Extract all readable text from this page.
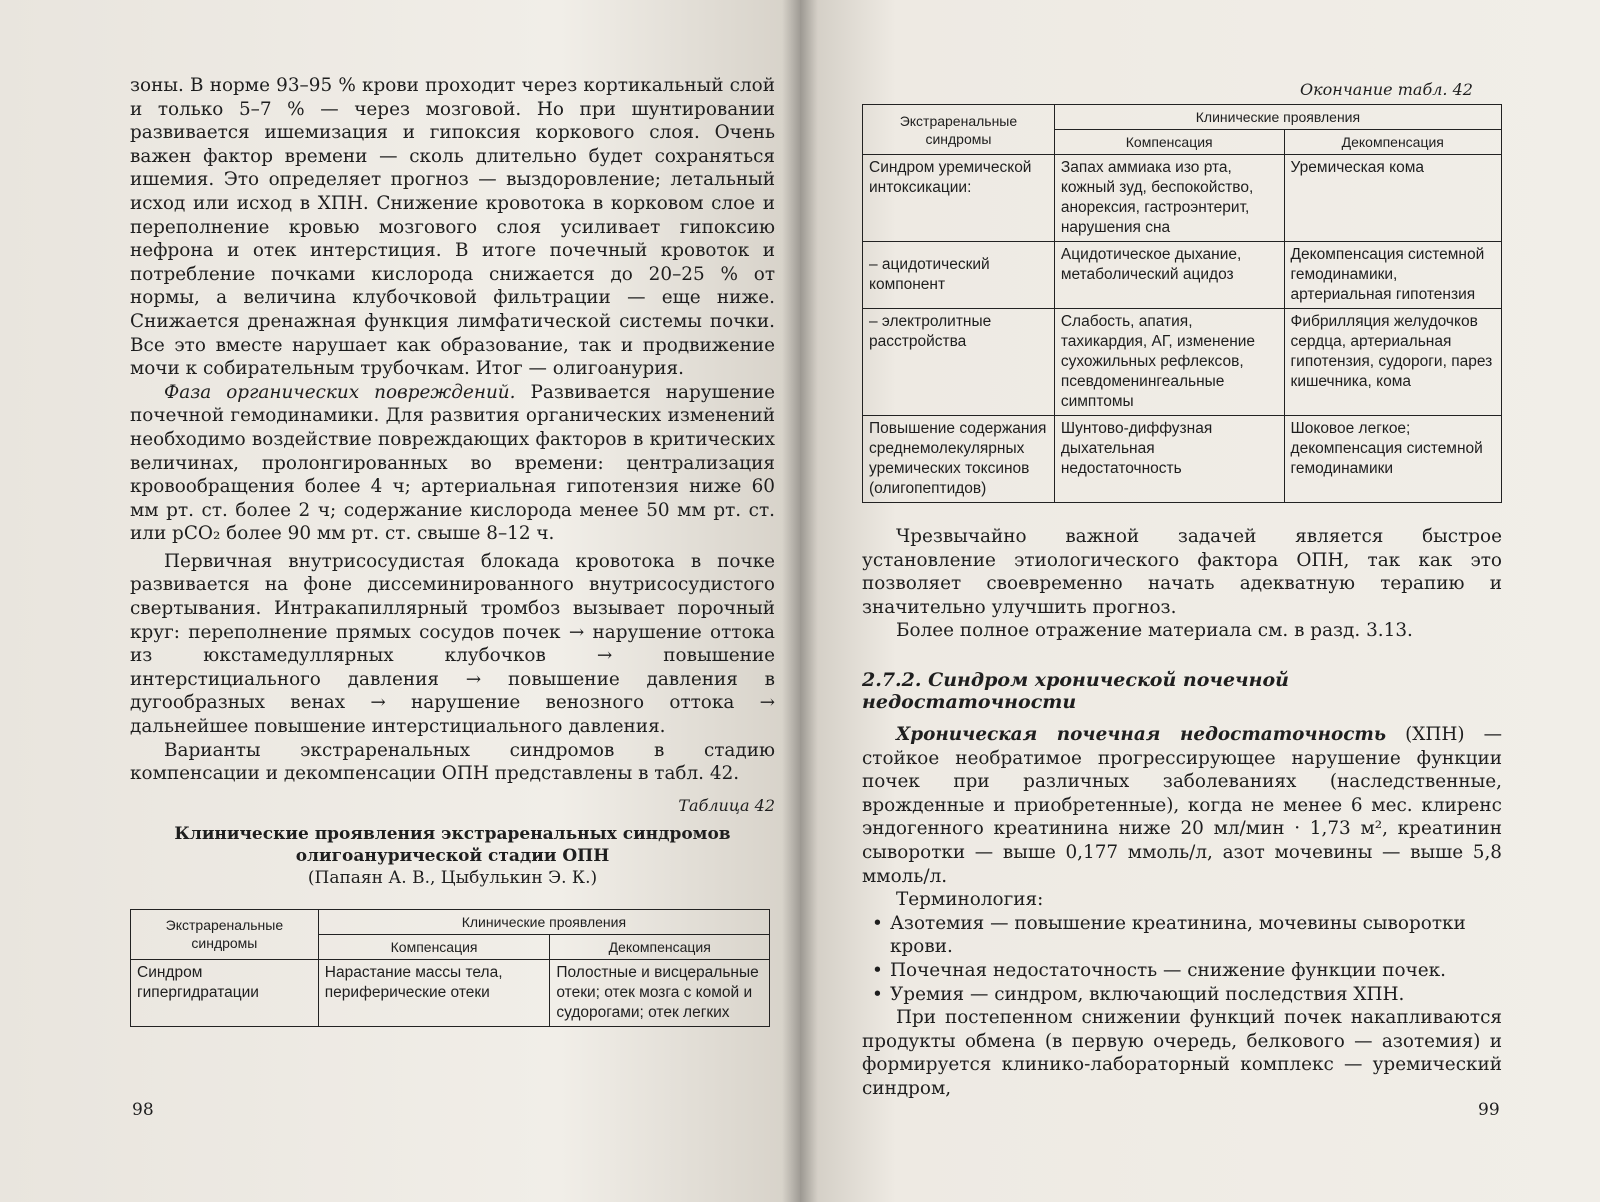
зоны. В норме 93–95 % крови проходит через кортикальный слой и только 5–7 % — через мозговой. Но при шунтировании развивается ишемизация и гипоксия коркового слоя. Очень важен фактор времени — сколь длительно будет сохраняться ишемия. Это определяет прогноз — выздоровление; летальный исход или исход в ХПН. Снижение кровотока в корковом слое и переполнение кровью мозгового слоя усиливает гипоксию нефрона и отек интерстиция. В итоге почечный кровоток и потребление почками кислорода снижается до 20–25 % от нормы, а величина клубочковой фильтрации — еще ниже. Снижается дренажная функция лимфатической системы почки. Все это вместе нарушает как образование, так и продвижение мочи к собирательным трубочкам. Итог — олигоанурия.

Фаза органических повреждений. Развивается нарушение почечной гемодинамики. Для развития органических изменений необходимо воздействие повреждающих факторов в критических величинах, пролонгированных во времени: централизация кровообращения более 4 ч; артериальная гипотензия ниже 60 мм рт. ст. более 2 ч; содержание кислорода менее 50 мм рт. ст. или pCO₂ более 90 мм рт. ст. свыше 8–12 ч.

Первичная внутрисосудистая блокада кровотока в почке развивается на фоне диссеминированного внутрисосудистого свертывания. Интракапиллярный тромбоз вызывает порочный круг: переполнение прямых сосудов почек → нарушение оттока из юкстамедуллярных клубочков → повышение интерстициального давления → повышение давления в дугообразных венах → нарушение венозного оттока → дальнейшее повышение интерстициального давления.

Варианты экстраренальных синдромов в стадию компенсации и декомпенсации ОПН представлены в табл. 42.

Таблица 42
Клинические проявления экстраренальных синдромов олигоанурической стадии ОПН
(Папаян А. В., Цыбулькин Э. К.)
Экстраренальные синдромы	Клинические проявления	
	Компенсация	Декомпенсация
Синдром гипергидратации	Нарастание массы тела, периферические отеки	Полостные и висцеральные отеки; отек мозга с комой и судорогами; отек легких
98
Окончание табл. 42
Экстраренальные синдромы	Клинические проявления	
	Компенсация	Декомпенсация
Синдром уремической интоксикации:	Запах аммиака изо рта, кожный зуд, беспокойство, анорексия, гастроэнтерит, нарушения сна	Уремическая кома
– ацидотический компонент	Ацидотическое дыхание, метаболический ацидоз	Декомпенсация системной гемодинамики, артериальная гипотензия
– электролитные расстройства	Слабость, апатия, тахикардия, АГ, изменение сухожильных рефлексов, псевдоменингеальные симптомы	Фибрилляция желудочков сердца, артериальная гипотензия, судороги, парез кишечника, кома
Повышение содержания среднемолекулярных уремических токсинов (олигопептидов)	Шунтово-диффузная дыхательная недостаточность	Шоковое легкое; декомпенсация системной гемодинамики

Чрезвычайно важной задачей является быстрое установление этиологического фактора ОПН, так как это позволяет своевременно начать адекватную терапию и значительно улучшить прогноз.

Более полное отражение материала см. в разд. 3.13.

2.7.2. Синдром хронической почечной недостаточности

Хроническая почечная недостаточность (ХПН) — стойкое необратимое прогрессирующее нарушение функции почек при различных заболеваниях (наследственные, врожденные и приобретенные), когда не менее 6 мес. клиренс эндогенного креатинина ниже 20 мл/мин · 1,73 м², креатинин сыворотки — выше 0,177 ммоль/л, азот мочевины — выше 5,8 ммоль/л.

Терминология:

• Азотемия — повышение креатинина, мочевины сыворотки крови.
• Почечная недостаточность — снижение функции почек.
• Уремия — синдром, включающий последствия ХПН.

При постепенном снижении функций почек накапливаются продукты обмена (в первую очередь, белкового — азотемия) и формируется клинико-лабораторный комплекс — уремический синдром,

99
